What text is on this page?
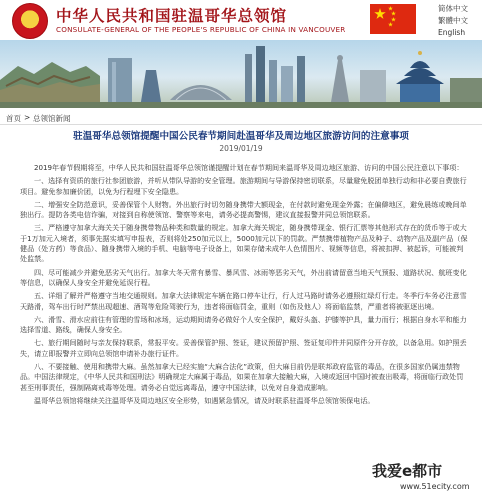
中华人民共和国驻温哥华总领馆
CONSULATE-GENERAL OF THE PEOPLE'S REPUBLIC OF CHINA IN VANCOUVER
简体中文
繁體中文
English
首页 > 总领馆新闻
驻温哥华总领馆提醒中国公民春节期间赴温哥华及周边地区旅游访问的注意事项
2019/01/19

2019年春节假期将至，中华人民共和国驻温哥华总领馆谨提醒计划在春节期间来温哥华及周边地区旅游、访问的中国公民注意以下事项：

一、选择有资质的旅行社参团旅游，并听从带队导游的安全管理。旅游期间与导游保持密切联系，尽量避免脱团单独行动和非必要自费旅行项目。避免参加廉价团，以免为行程埋下安全隐患。

二、增强安全防范意识，妥善保管个人财物。外出旅行时切勿随身携带大额现金，在付款时避免现金外露；在偏僻地区，避免晨练或晚间单独出行。提防各类电信诈骗，对接到自称使领馆、警察等来电，请务必提高警惕，建议直接报警并同总领馆联系。

三、严格遵守加拿大海关关于随身携带物品种类和数量的规定。加拿大海关规定，随身携带现金、银行汇票等其他形式存在的货币等于或大于1万加元入境者，须事先据实填写申报表，否则将处250加元以上，5000加元以下的罚款。严禁携带植物产品及种子、动物产品及副产品（保健品（处方药）等食品）、随身携带入境的手机、电脑等电子设备上，如果存储未成年人色情图片、视频等信息，将被扣押、被起诉，可能被判处监禁。

四、尽可能减少并避免恶劣天气出行。加拿大冬天常有暴雪、暴风雪、冰雨等恶劣天气，外出前请留意当地天气预报、道路状况、航班变化等信息，以确保人身安全并避免延误行程。

五、详细了解并严格遵守当地交通规则。加拿大法律规定车辆在路口停车让行，行人过马路时请务必遵照红绿灯行走。冬季行车务必注意雪天路滑，驾车出行时严禁出现超速、酒驾等危险驾驶行为，违者将面临罚金，重则（如伤及他人）将面临监禁，严重者将被驱逐出境。

六、滑雪、滑水应前往有管理的雪场和冰场，运动期间请务必做好个人安全保护，戴好头盔、护膝等护具，量力而行；根据自身水平和能力选择雪道、路线，确保人身安全。

七、旅行期间随时与亲友保持联系，常报平安。妥善保管护照、签证，建议预留护照、签证复印件并同原件分开存放，以备急用。如护照丢失，请立即报警并立即向总领馆申请补办旅行证件。

八、不要接触、使用和携带大麻。虽然加拿大已经实施“大麻合法化”政策，但大麻目前仍是联邦政府监管的毒品，在很多国家仍属违禁物品。中国法律规定，《中华人民共和国刑法》明确规定大麻属于毒品，如果在加拿大接触大麻，入境或返回中国时被查出吸毒，将面临行政处罚甚至刑事责任，强制隔离戒毒等处理。请务必自觉远离毒品，遵守中国法律，以免对自身造成影响。

温哥华总领馆将继续关注温哥华及周边地区安全形势，如遇紧急情况，请及时联系驻温哥华总领馆领保电话。

我爱e都市
www.51ecity.com
